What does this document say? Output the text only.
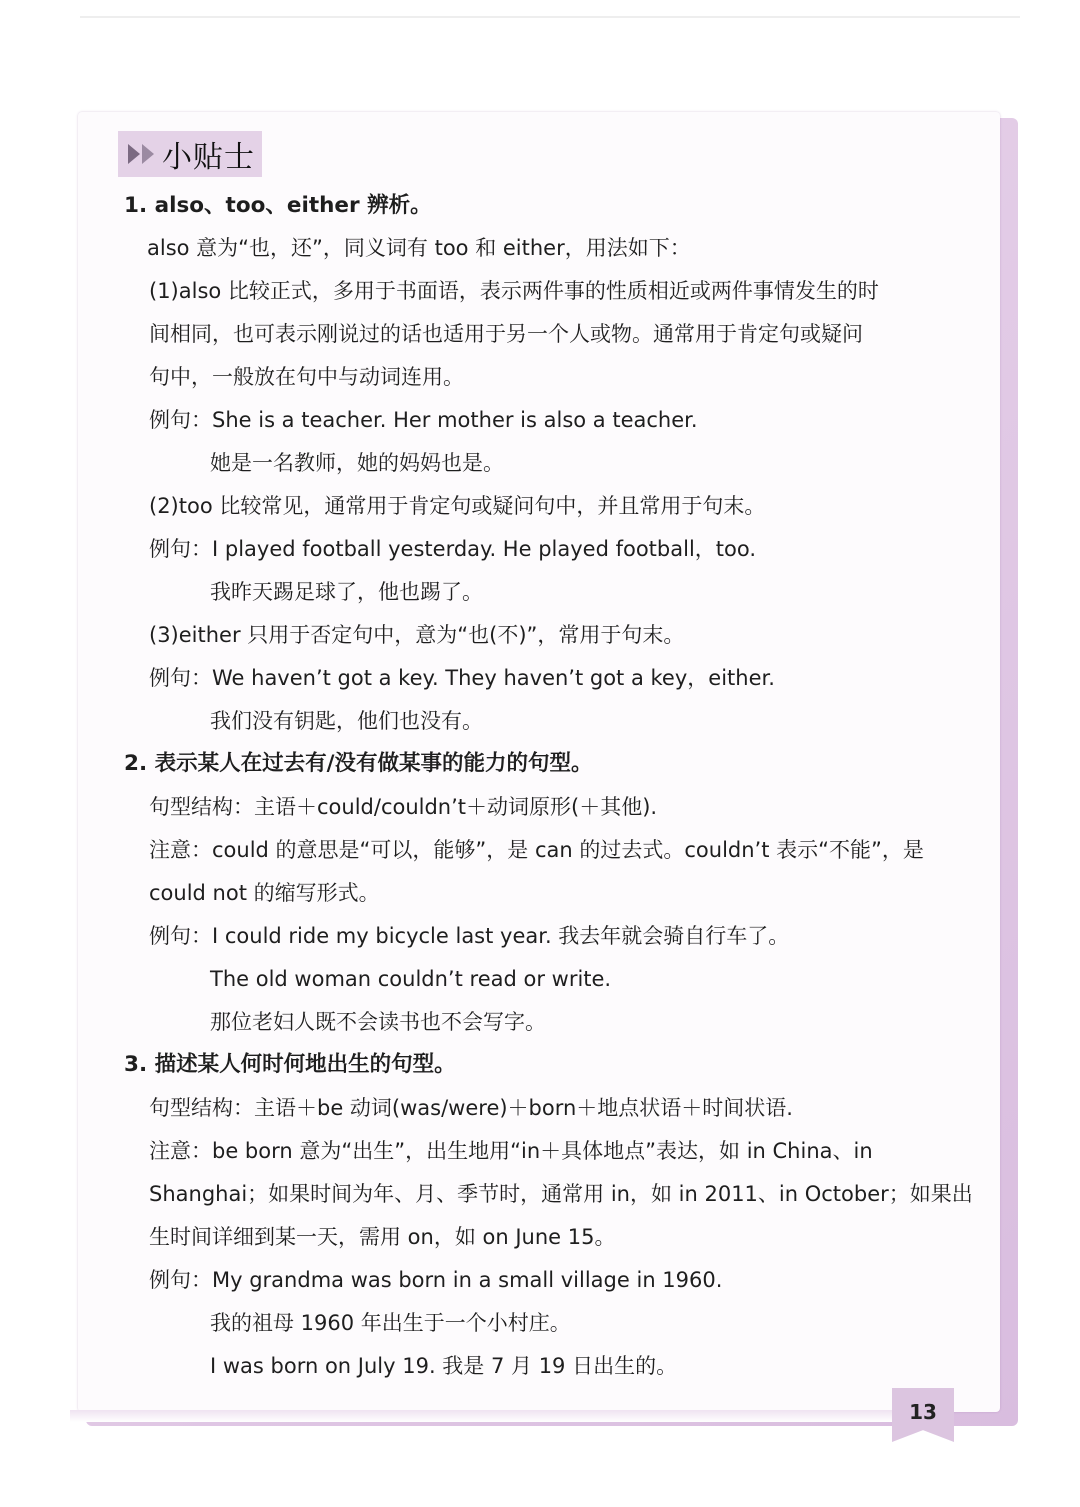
小贴士
1. also、too、either 辨析。
also 意为“也，还”，同义词有 too 和 either，用法如下：
(1)also 比较正式，多用于书面语，表示两件事的性质相近或两件事情发生的时
间相同，也可表示刚说过的话也适用于另一个人或物。通常用于肯定句或疑问
句中，一般放在句中与动词连用。
例句：She is a teacher. Her mother is also a teacher.
她是一名教师，她的妈妈也是。
(2)too 比较常见，通常用于肯定句或疑问句中，并且常用于句末。
例句：I played football yesterday. He played football，too.
我昨天踢足球了，他也踢了。
(3)either 只用于否定句中，意为“也(不)”，常用于句末。
例句：We haven’t got a key. They haven’t got a key，either.
我们没有钥匙，他们也没有。
2. 表示某人在过去有/没有做某事的能力的句型。
句型结构：主语＋could/couldn’t＋动词原形(＋其他).
注意：could 的意思是“可以，能够”，是 can 的过去式。couldn’t 表示“不能”，是
could not 的缩写形式。
例句：I could ride my bicycle last year. 我去年就会骑自行车了。
The old woman couldn’t read or write.
那位老妇人既不会读书也不会写字。
3. 描述某人何时何地出生的句型。
句型结构：主语＋be 动词(was/were)＋born＋地点状语＋时间状语.
注意：be born 意为“出生”，出生地用“in＋具体地点”表达，如 in China、in
Shanghai；如果时间为年、月、季节时，通常用 in，如 in 2011、in October；如果出
生时间详细到某一天，需用 on，如 on June 15。
例句：My grandma was born in a small village in 1960.
我的祖母 1960 年出生于一个小村庄。
I was born on July 19. 我是 7 月 19 日出生的。
13
